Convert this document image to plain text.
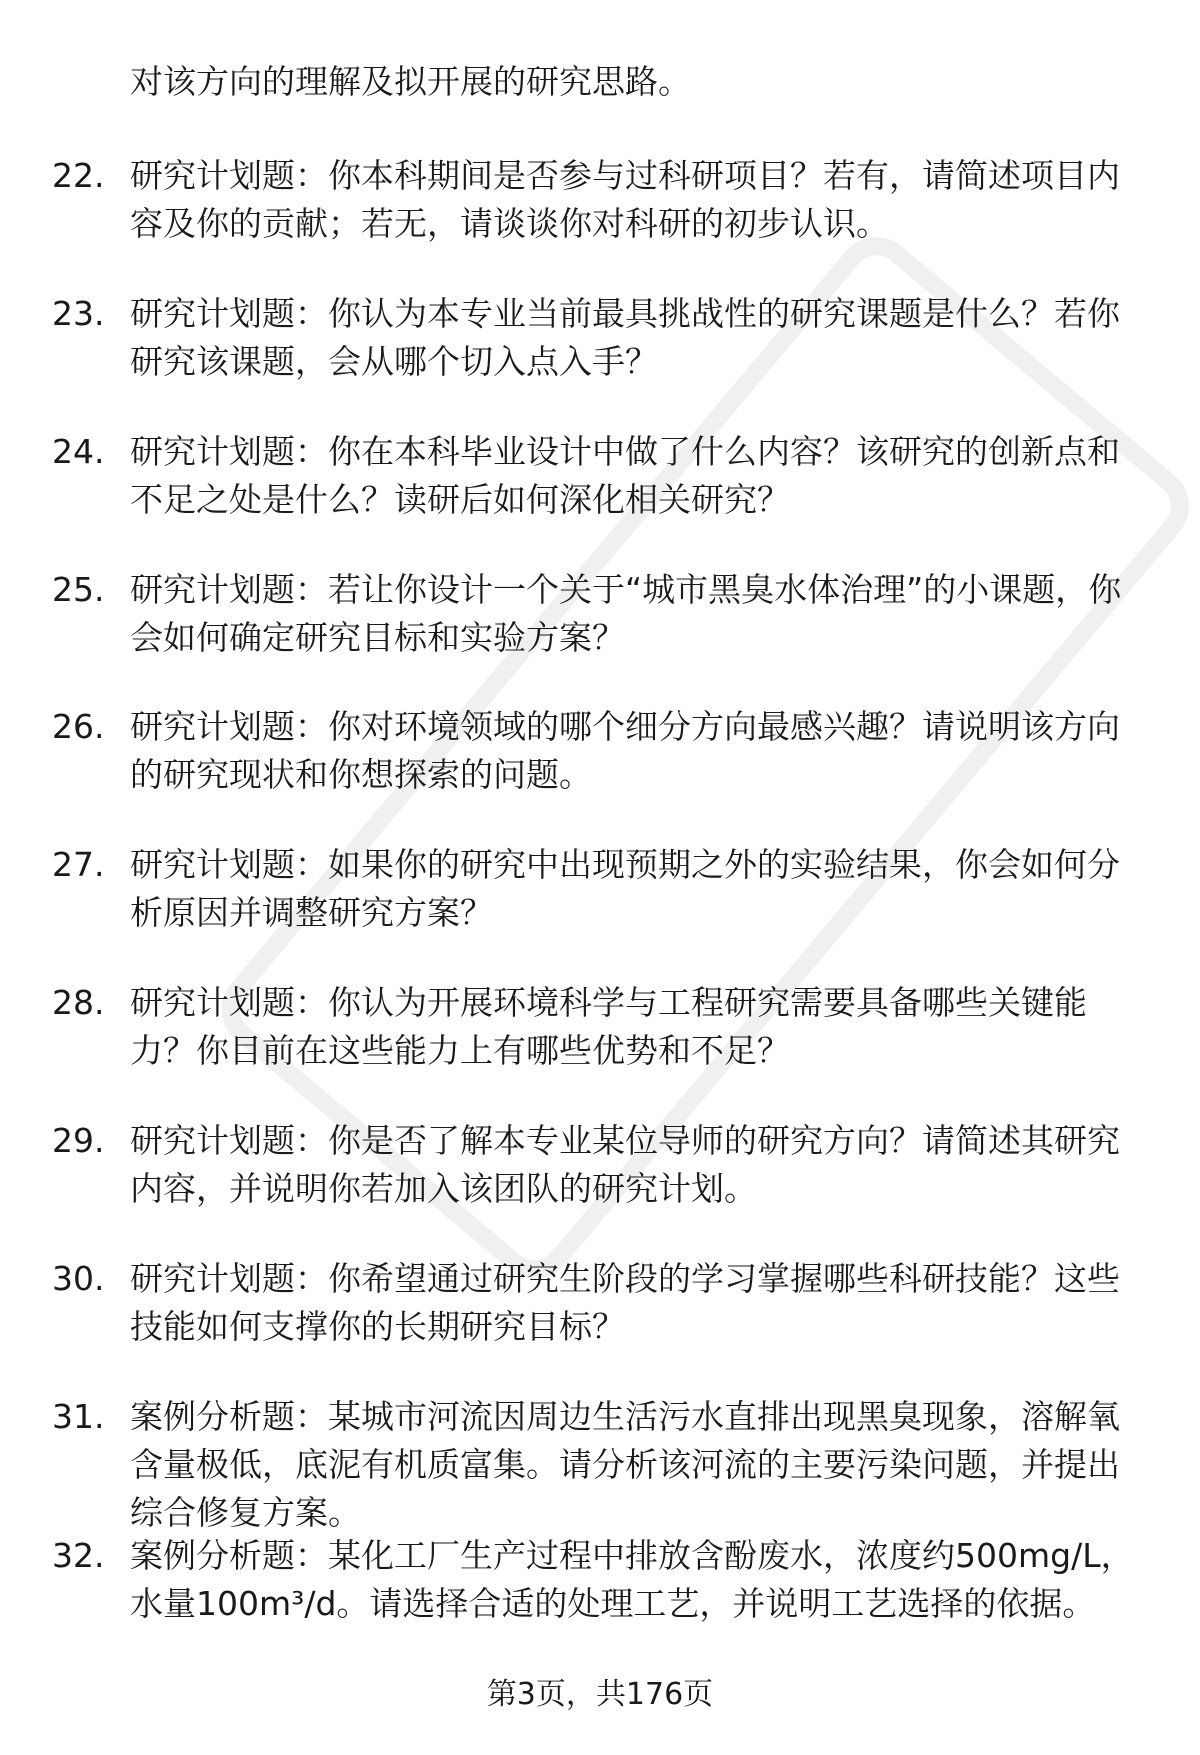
对该方向的理解及拟开展的研究思路。

22. 研究计划题：你本科期间是否参与过科研项目？若有，请简述项目内容及你的贡献；若无，请谈谈你对科研的初步认识。
23. 研究计划题：你认为本专业当前最具挑战性的研究课题是什么？若你研究该课题，会从哪个切入点入手？
24. 研究计划题：你在本科毕业设计中做了什么内容？该研究的创新点和不足之处是什么？读研后如何深化相关研究？
25. 研究计划题：若让你设计一个关于“城市黑臭水体治理”的小课题，你会如何确定研究目标和实验方案？
26. 研究计划题：你对环境领域的哪个细分方向最感兴趣？请说明该方向的研究现状和你想探索的问题。
27. 研究计划题：如果你的研究中出现预期之外的实验结果，你会如何分析原因并调整研究方案？
28. 研究计划题：你认为开展环境科学与工程研究需要具备哪些关键能力？你目前在这些能力上有哪些优势和不足？
29. 研究计划题：你是否了解本专业某位导师的研究方向？请简述其研究内容，并说明你若加入该团队的研究计划。
30. 研究计划题：你希望通过研究生阶段的学习掌握哪些科研技能？这些技能如何支撑你的长期研究目标？
31. 案例分析题：某城市河流因周边生活污水直排出现黑臭现象，溶解氧含量极低，底泥有机质富集。请分析该河流的主要污染问题，并提出综合修复方案。
32. 案例分析题：某化工厂生产过程中排放含酚废水，浓度约500mg/L，水量100m³/d。请选择合适的处理工艺，并说明工艺选择的依据。
第3页，共176页
